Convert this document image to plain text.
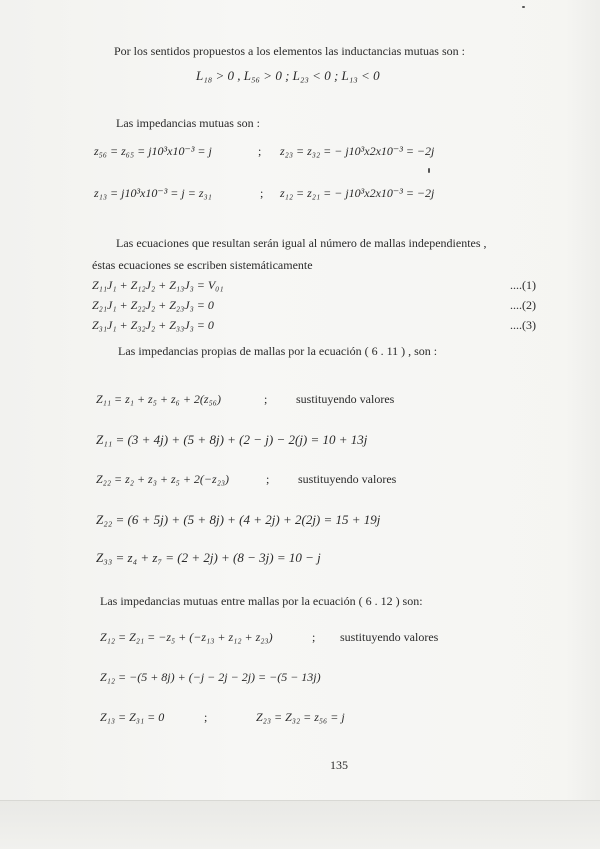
Por los sentidos propuestos a los elementos las inductancias mutuas son :
L₁₈ > 0 , L₅₆ > 0 ; L₂₃ < 0 ; L₁₃ < 0
Las impedancias mutuas son :
z₅₆ = z₆₅ = j10³x10⁻³ = j	; z₂₃ = z₃₂ = − j10³x2x10⁻³ = −2j
z₁₃ = j10³x10⁻³ = j = z₃₁	; z₁₂ = z₂₁ = − j10³x2x10⁻³ = −2j
Las ecuaciones que resultan serán igual al número de mallas independientes ,
éstas ecuaciones se escriben sistemáticamente
Z₁₁J₁ + Z₁₂J₂ + Z₁₃J₃ = V₀₁	....(1)
Z₂₁J₁ + Z₂₂J₂ + Z₂₃J₃ = 0	....(2)
Z₃₁J₁ + Z₃₂J₂ + Z₃₃J₃ = 0	....(3)
Las impedancias propias de mallas por la ecuación ( 6 . 11 ) , son :
Z₁₁ = z₁ + z₅ + z₆ + 2(z₅₆)	; sustituyendo valores
Z₁₁ = (3 + 4j) + (5 + 8j) + (2 − j) − 2(j) = 10 + 13j
Z₂₂ = z₂ + z₃ + z₅ + 2(−z₂₃)	; sustituyendo valores
Z₂₂ = (6 + 5j) + (5 + 8j) + (4 + 2j) + 2(2j) = 15 + 19j
Z₃₃ = z₄ + z₇ = (2 + 2j) + (8 − 3j) = 10 − j
Las impedancias mutuas entre mallas por la ecuación ( 6 . 12 ) son:
Z₁₂ = Z₂₁ = −z₅ + (−z₁₃ + z₁₂ + z₂₃)	; sustituyendo valores
Z₁₂ = −(5 + 8j) + (−j − 2j − 2j) = −(5 − 13j)
Z₁₃ = Z₃₁ = 0	;	Z₂₃ = Z₃₂ = z₅₆ = j
135
